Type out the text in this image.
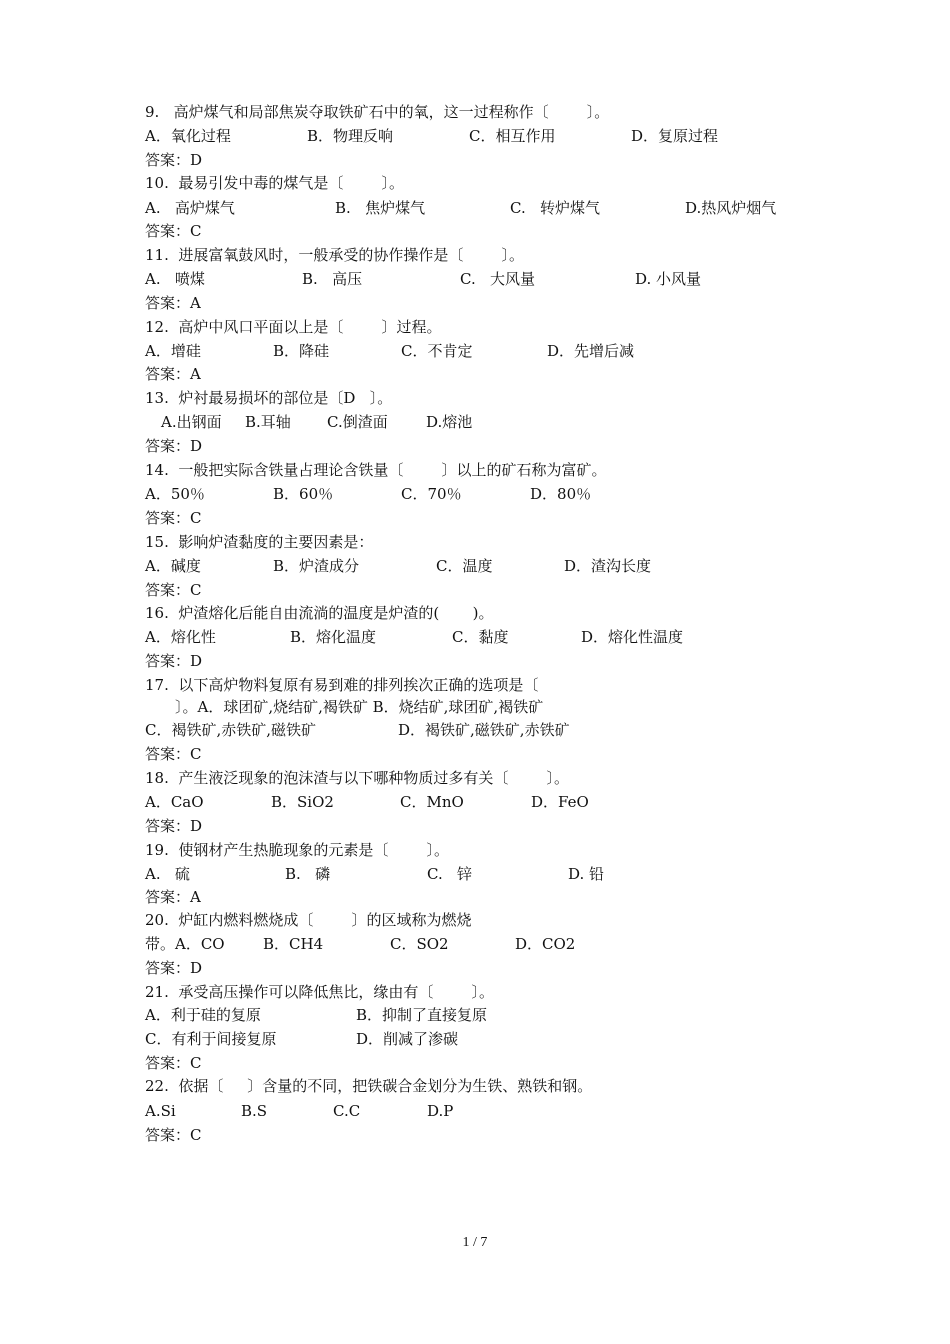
9.   高炉煤气和局部焦炭夺取铁矿石中的氧，这一过程称作〔        〕。

A．氧化过程

	B．物理反响

	C．相互作用

	D．复原过程

答案：D
10.  最易引发中毒的煤气是〔        〕。

A.   高炉煤气

	B.   焦炉煤气

	C.   转炉煤气

	D.热风炉烟气

答案：C
11.  进展富氧鼓风时，一般承受的协作操作是〔        〕。

A.   喷煤

	B.   高压

	C.   大风量

	D. 小风量

答案：A
12.  高炉中风口平面以上是〔        〕过程。

A．增硅

	B．降硅

	C．不肯定

	D．先增后减

答案：A
13.  炉衬最易损坏的部位是〔D   〕。

A.出钢面

B.耳轴

C.倒渣面

	D.熔池

答案：D
14.  一般把实际含铁量占理论含铁量〔        〕以上的矿石称为富矿。

A．50％

	B．60％

	C．70％

	D．80％

答案：C
15.  影响炉渣黏度的主要因素是：

A．碱度

	B．炉渣成分

	C．温度

	D．渣沟长度

答案：C
16.  炉渣熔化后能自由流淌的温度是炉渣的(       )。

A．熔化性

	B．熔化温度

	C．黏度

	D．熔化性温度

答案：D
17.  以下高炉物料复原有易到难的排列挨次正确的选项是〔
〕。A．球团矿,烧结矿,褐铁矿 B．烧结矿,球团矿,褐铁矿

C．褐铁矿,赤铁矿,磁铁矿

	D．褐铁矿,磁铁矿,赤铁矿

答案：C
18.  产生液泛现象的泡沫渣与以下哪种物质过多有关〔        〕。

A．CaO

	B．SiO2

	C．MnO

	D．FeO

答案：D
19.  使钢材产生热脆现象的元素是〔        〕。

A.   硫

	B.   磷

	C.   锌

	D. 铅

答案：A
20.  炉缸内燃料燃烧成〔        〕的区域称为燃烧

带。A．CO

	B．CH4

	C．SO2

	D．CO2

答案：D
21.  承受高压操作可以降低焦比，缘由有〔        〕。

A．利于硅的复原

	B．抑制了直接复原

C．有利于间接复原

	D．削减了渗碳

答案：C
22.  依据〔     〕含量的不同，把铁碳合金划分为生铁、熟铁和钢。

A.Si

	B.S

	C.C

	D.P

答案：C
1 / 7
